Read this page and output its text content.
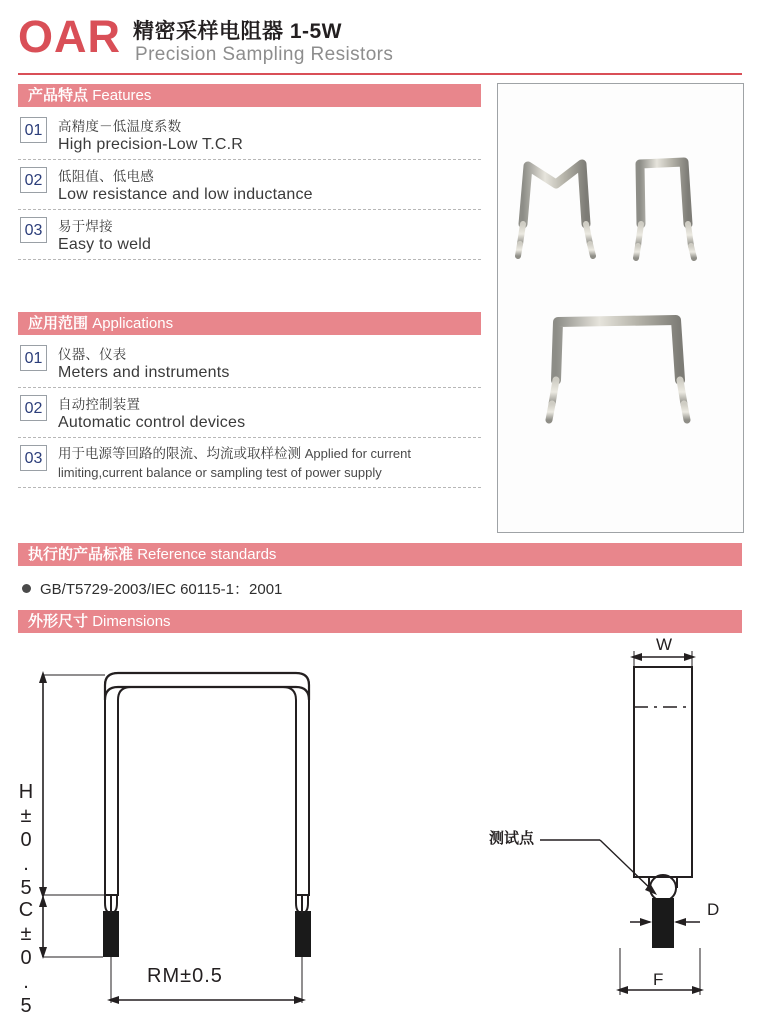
OAR 精密采样电阻器 1-5W
Precision Sampling Resistors
产品特点 Features
01	高精度－低温度系数
High precision-Low T.C.R
02	低阻值、低电感
Low resistance and low inductance
03	易于焊接
Easy to weld
应用范围 Applications
01	仪器、仪表
Meters and instruments
02	自动控制装置
Automatic control devices
03	用于电源等回路的限流、均流或取样检测 Applied for current limiting,current balance or sampling test of power supply
执行的产品标准 Reference standards
GB/T5729-2003/IEC 60115-1：2001
外形尺寸 Dimensions
H±0.5
C±0.5	RM±0.5
W
D
F
测试点
